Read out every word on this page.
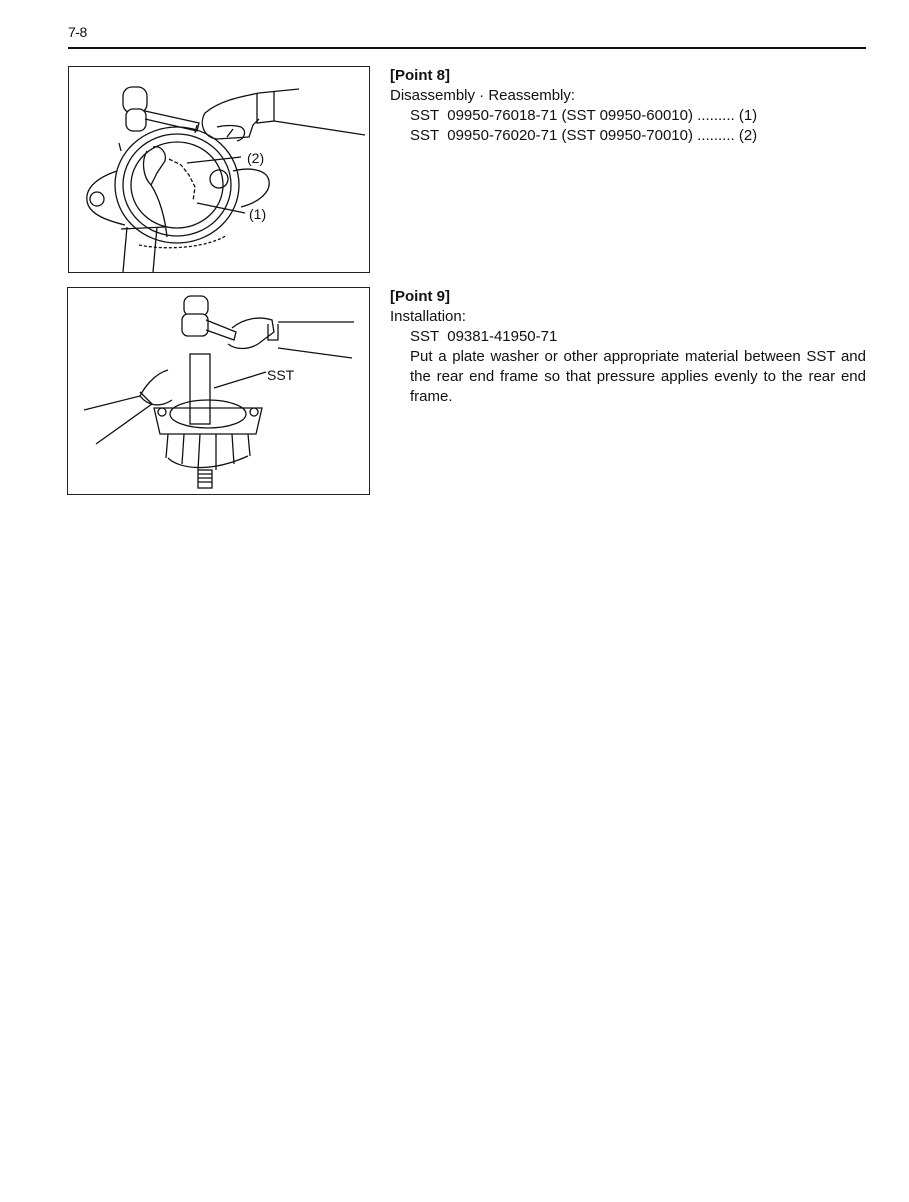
7-8
(2)
(1)
SST
[Point 8]
Disassembly · Reassembly:
SST  09950-76018-71 (SST 09950-60010) ......... (1)
SST  09950-76020-71 (SST 09950-70010) ......... (2)
[Point 9]
Installation:
SST  09381-41950-71
Put a plate washer or other appropriate material between SST and the rear end frame so that pressure applies evenly to the rear end frame.
